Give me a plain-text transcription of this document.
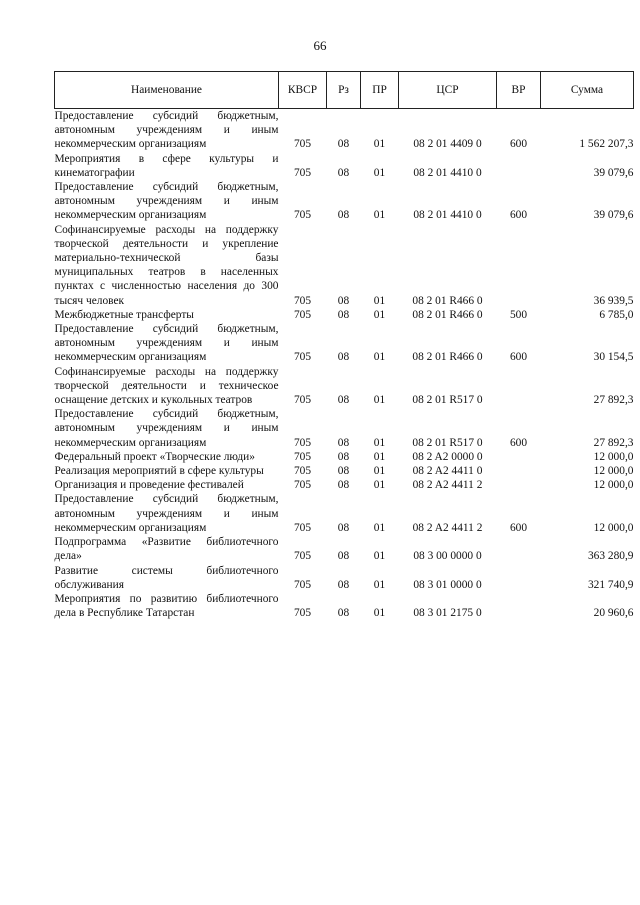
66
Наименование	КВСР	Рз	ПР	ЦСР	ВР	Сумма
Предоставление субсидий бюджетным, автономным учреждениям и иным некоммерческим организациям	705	08	01	08 2 01 4409 0	600	1 562 207,3
Мероприятия в сфере культуры и кинематографии	705	08	01	08 2 01 4410 0		39 079,6
Предоставление субсидий бюджетным, автономным учреждениям и иным некоммерческим организациям	705	08	01	08 2 01 4410 0	600	39 079,6
Софинансируемые расходы на поддержку творческой деятельности и укрепление материально-технической базы муниципальных театров в населенных пунктах с численностью населения до 300 тысяч человек	705	08	01	08 2 01 R466 0		36 939,5
Межбюджетные трансферты	705	08	01	08 2 01 R466 0	500	6 785,0
Предоставление субсидий бюджетным, автономным учреждениям и иным некоммерческим организациям	705	08	01	08 2 01 R466 0	600	30 154,5
Софинансируемые расходы на поддержку творческой деятельности и техническое оснащение детских и кукольных театров	705	08	01	08 2 01 R517 0		27 892,3
Предоставление субсидий бюджетным, автономным учреждениям и иным некоммерческим организациям	705	08	01	08 2 01 R517 0	600	27 892,3
Федеральный проект «Творческие люди»	705	08	01	08 2 A2 0000 0		12 000,0
Реализация мероприятий в сфере культуры	705	08	01	08 2 A2 4411 0		12 000,0
Организация и проведение фестивалей	705	08	01	08 2 A2 4411 2		12 000,0
Предоставление субсидий бюджетным, автономным учреждениям и иным некоммерческим организациям	705	08	01	08 2 A2 4411 2	600	12 000,0
Подпрограмма «Развитие библиотечного дела»	705	08	01	08 3 00 0000 0		363 280,9
Развитие системы библиотечного обслуживания	705	08	01	08 3 01 0000 0		321 740,9
Мероприятия по развитию библиотечного дела в Республике Татарстан	705	08	01	08 3 01 2175 0		20 960,6
